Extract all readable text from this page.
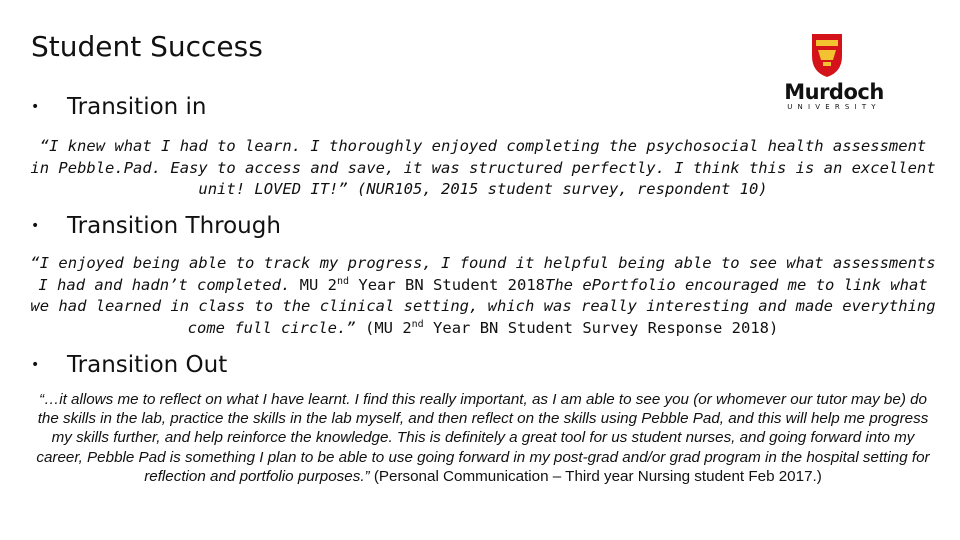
Student Success
Murdoch
UNIVERSITY
• Transition in
“I knew what I had to learn. I thoroughly enjoyed completing the psychosocial health assessment in Pebble.Pad. Easy to access and save, it was structured perfectly. I think this is an excellent unit! LOVED IT!” (NUR105, 2015 student survey, respondent 10)
• Transition Through
“I enjoyed being able to track my progress, I found it helpful being able to see what assessments I had and hadn’t completed. MU 2nd Year BN Student 2018The ePortfolio encouraged me to link what we had learned in class to the clinical setting, which was really interesting and made everything come full circle.” (MU 2nd Year BN Student Survey Response 2018)
• Transition Out
“…it allows me to reflect on what I have learnt. I find this really important, as I am able to see you (or whomever our tutor may be) do the skills in the lab, practice the skills in the lab myself, and then reflect on the skills using Pebble Pad, and this will help me progress my skills further, and help reinforce the knowledge. This is definitely a great tool for us student nurses, and going forward into my career, Pebble Pad is something I plan to be able to use going forward in my post-grad and/or grad program in the hospital setting for reflection and portfolio purposes.” (Personal Communication – Third year Nursing student Feb 2017.)
